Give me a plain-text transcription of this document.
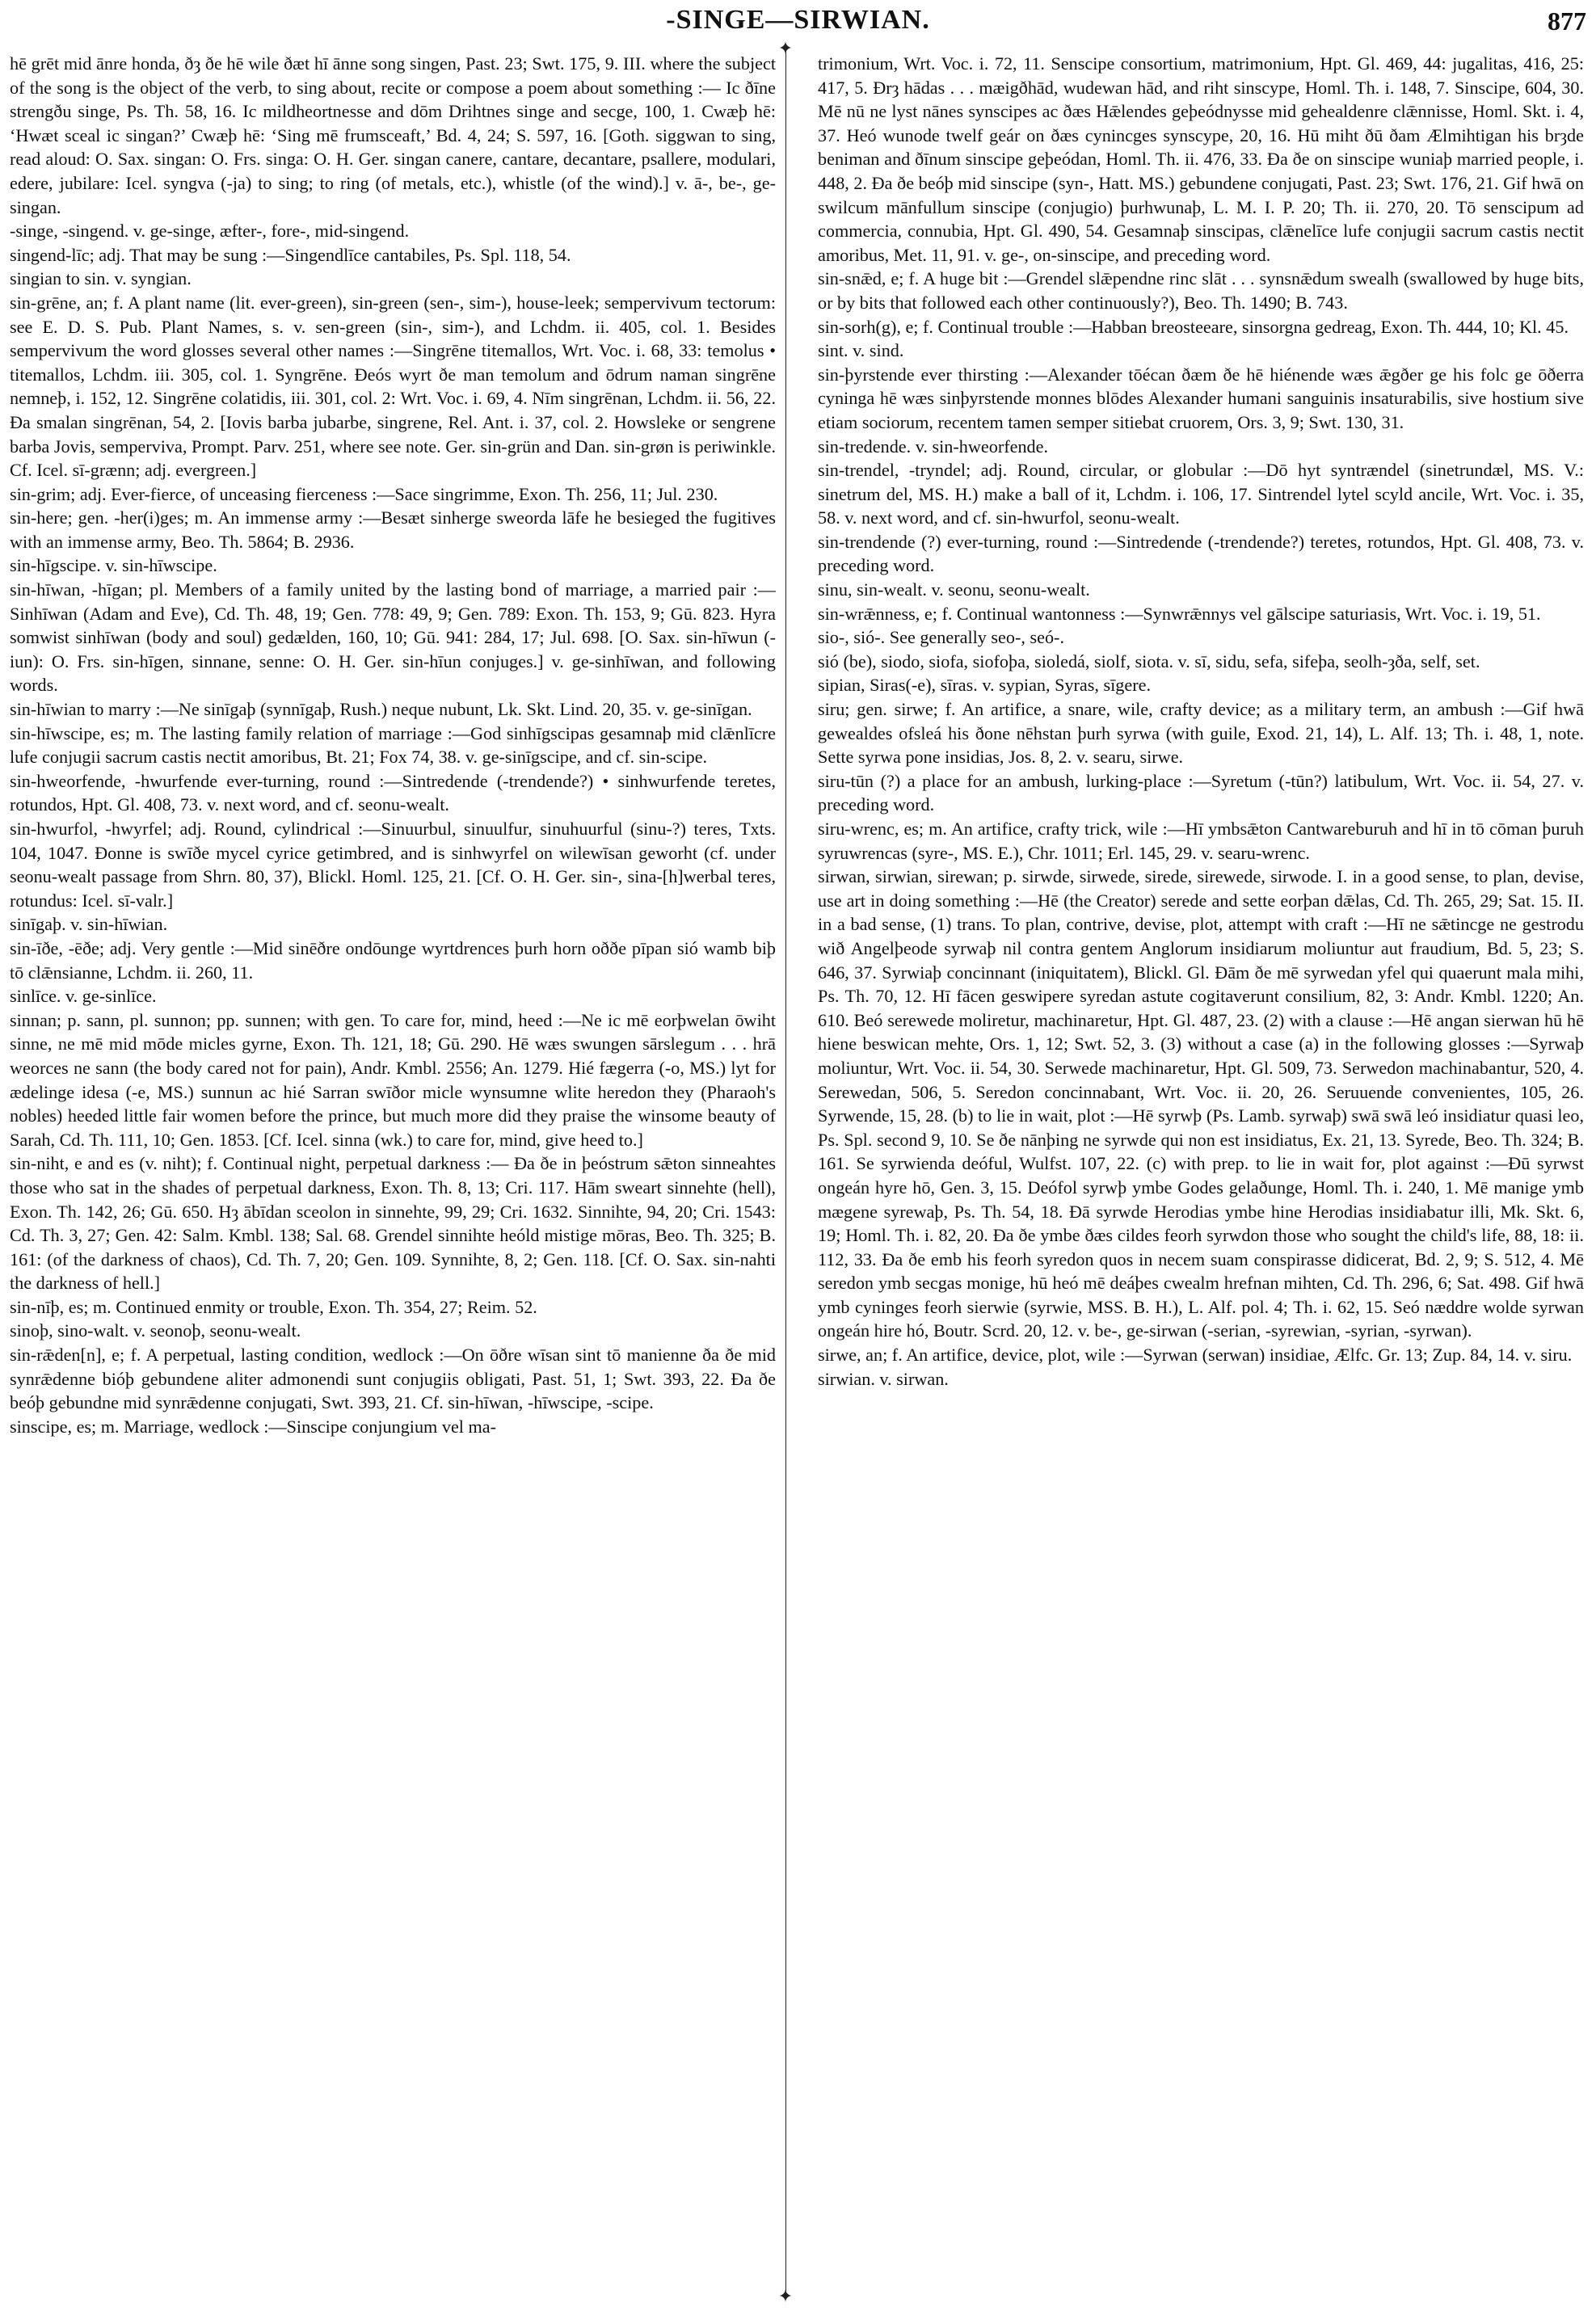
-SINGE—SIRWIAN.	877
✦
✦

hē grēt mid ānre honda, ðȝ ðe hē wile ðæt hī ānne song singen, Past. 23; Swt. 175, 9. III. where the subject of the song is the object of the verb, to sing about, recite or compose a poem about something :— Ic ðīne strengðu singe, Ps. Th. 58, 16. Ic mildheortnesse and dōm Drihtnes singe and secge, 100, 1. Cwæþ hē: ‘Hwæt sceal ic singan?’ Cwæþ hē: ‘Sing mē frumsceaft,’ Bd. 4, 24; S. 597, 16. [Goth. siggwan to sing, read aloud: O. Sax. singan: O. Frs. singa: O. H. Ger. singan canere, cantare, decantare, psallere, modulari, edere, jubilare: Icel. syngva (-ja) to sing; to ring (of metals, etc.), whistle (of the wind).] v. ā-, be-, ge-singan.

-singe, -singend. v. ge-singe, æfter-, fore-, mid-singend.

singend-līc; adj. That may be sung :—Singendlīce cantabiles, Ps. Spl. 118, 54.

singian to sin. v. syngian.

sin-grēne, an; f. A plant name (lit. ever-green), sin-green (sen-, sim-), house-leek; sempervivum tectorum: see E. D. S. Pub. Plant Names, s. v. sen-green (sin-, sim-), and Lchdm. ii. 405, col. 1. Besides sempervivum the word glosses several other names :—Singrēne titemallos, Wrt. Voc. i. 68, 33: temolus • titemallos, Lchdm. iii. 305, col. 1. Syngrēne. Ðeós wyrt ðe man temolum and ōdrum naman singrēne nemneþ, i. 152, 12. Singrēne colatidis, iii. 301, col. 2: Wrt. Voc. i. 69, 4. Nīm singrēnan, Lchdm. ii. 56, 22. Ða smalan singrēnan, 54, 2. [Iovis barba jubarbe, singrene, Rel. Ant. i. 37, col. 2. Howsleke or sengrene barba Jovis, semperviva, Prompt. Parv. 251, where see note. Ger. sin-grün and Dan. sin-grøn is periwinkle. Cf. Icel. sī-grænn; adj. evergreen.]

sin-grim; adj. Ever-fierce, of unceasing fierceness :—Sace singrimme, Exon. Th. 256, 11; Jul. 230.

sin-here; gen. -her(i)ges; m. An immense army :—Besæt sinherge sweorda lāfe he besieged the fugitives with an immense army, Beo. Th. 5864; B. 2936.

sin-hīgscipe. v. sin-hīwscipe.

sin-hīwan, -hīgan; pl. Members of a family united by the lasting bond of marriage, a married pair :—Sinhīwan (Adam and Eve), Cd. Th. 48, 19; Gen. 778: 49, 9; Gen. 789: Exon. Th. 153, 9; Gū. 823. Hyra somwist sinhīwan (body and soul) gedælden, 160, 10; Gū. 941: 284, 17; Jul. 698. [O. Sax. sin-hīwun (-iun): O. Frs. sin-hīgen, sinnane, senne: O. H. Ger. sin-hīun conjuges.] v. ge-sinhīwan, and following words.

sin-hīwian to marry :—Ne sinīgaþ (synnīgaþ, Rush.) neque nubunt, Lk. Skt. Lind. 20, 35. v. ge-sinīgan.

sin-hīwscipe, es; m. The lasting family relation of marriage :—God sinhīgscipas gesamnaþ mid clǣnlīcre lufe conjugii sacrum castis nectit amoribus, Bt. 21; Fox 74, 38. v. ge-sinīgscipe, and cf. sin-scipe.

sin-hweorfende, -hwurfende ever-turning, round :—Sintredende (-trendende?) • sinhwurfende teretes, rotundos, Hpt. Gl. 408, 73. v. next word, and cf. seonu-wealt.

sin-hwurfol, -hwyrfel; adj. Round, cylindrical :—Sinuurbul, sinuulfur, sinuhuurful (sinu-?) teres, Txts. 104, 1047. Ðonne is swīðe mycel cyrice getimbred, and is sinhwyrfel on wilewīsan geworht (cf. under seonu-wealt passage from Shrn. 80, 37), Blickl. Homl. 125, 21. [Cf. O. H. Ger. sin-, sina-[h]werbal teres, rotundus: Icel. sī-valr.]

sinīgaþ. v. sin-hīwian.

sin-īðe, -ēðe; adj. Very gentle :—Mid sinēðre ondōunge wyrtdrences þurh horn oððe pīpan sió wamb biþ tō clǣnsianne, Lchdm. ii. 260, 11.

sinlīce. v. ge-sinlīce.

sinnan; p. sann, pl. sunnon; pp. sunnen; with gen. To care for, mind, heed :—Ne ic mē eorþwelan ōwiht sinne, ne mē mid mōde micles gyrne, Exon. Th. 121, 18; Gū. 290. Hē wæs swungen sārslegum . . . hrā weorces ne sann (the body cared not for pain), Andr. Kmbl. 2556; An. 1279. Hié fægerra (-o, MS.) lyt for ædelinge idesa (-e, MS.) sunnun ac hié Sarran swīðor micle wynsumne wlite heredon they (Pharaoh's nobles) heeded little fair women before the prince, but much more did they praise the winsome beauty of Sarah, Cd. Th. 111, 10; Gen. 1853. [Cf. Icel. sinna (wk.) to care for, mind, give heed to.]

sin-niht, e and es (v. niht); f. Continual night, perpetual darkness :— Ða ðe in þeóstrum sǣton sinneahtes those who sat in the shades of perpetual darkness, Exon. Th. 8, 13; Cri. 117. Hām sweart sinnehte (hell), Exon. Th. 142, 26; Gū. 650. Hȝ ābīdan sceolon in sinnehte, 99, 29; Cri. 1632. Sinnihte, 94, 20; Cri. 1543: Cd. Th. 3, 27; Gen. 42: Salm. Kmbl. 138; Sal. 68. Grendel sinnihte heóld mistige mōras, Beo. Th. 325; B. 161: (of the darkness of chaos), Cd. Th. 7, 20; Gen. 109. Synnihte, 8, 2; Gen. 118. [Cf. O. Sax. sin-nahti the darkness of hell.]

sin-nīþ, es; m. Continued enmity or trouble, Exon. Th. 354, 27; Reim. 52.

sinoþ, sino-walt. v. seonoþ, seonu-wealt.

sin-rǣden[n], e; f. A perpetual, lasting condition, wedlock :—On ōðre wīsan sint tō manienne ða ðe mid synrǣdenne bióþ gebundene aliter admonendi sunt conjugiis obligati, Past. 51, 1; Swt. 393, 22. Ða ðe beóþ gebundne mid synrǣdenne conjugati, Swt. 393, 21. Cf. sin-hīwan, -hīwscipe, -scipe.

sinscipe, es; m. Marriage, wedlock :—Sinscipe conjungium vel ma-

trimonium, Wrt. Voc. i. 72, 11. Senscipe consortium, matrimonium, Hpt. Gl. 469, 44: jugalitas, 416, 25: 417, 5. Ðrȝ hādas . . . mæigðhād, wudewan hād, and riht sinscype, Homl. Th. i. 148, 7. Sinscipe, 604, 30. Mē nū ne lyst nānes synscipes ac ðæs Hǣlendes geþeódnysse mid gehealdenre clǣnnisse, Homl. Skt. i. 4, 37. Heó wunode twelf geár on ðæs cynincges synscype, 20, 16. Hū miht ðū ðam Ælmihtigan his brȝde beniman and ðīnum sinscipe geþeódan, Homl. Th. ii. 476, 33. Ða ðe on sinscipe wuniaþ married people, i. 448, 2. Ða ðe beóþ mid sinscipe (syn-, Hatt. MS.) gebundene conjugati, Past. 23; Swt. 176, 21. Gif hwā on swilcum mānfullum sinscipe (conjugio) þurhwunaþ, L. M. I. P. 20; Th. ii. 270, 20. Tō senscipum ad commercia, connubia, Hpt. Gl. 490, 54. Gesamnaþ sinscipas, clǣnelīce lufe conjugii sacrum castis nectit amoribus, Met. 11, 91. v. ge-, on-sinscipe, and preceding word.

sin-snǣd, e; f. A huge bit :—Grendel slǣpendne rinc slāt . . . synsnǣdum swealh (swallowed by huge bits, or by bits that followed each other continuously?), Beo. Th. 1490; B. 743.

sin-sorh(g), e; f. Continual trouble :—Habban breosteeare, sinsorgna gedreag, Exon. Th. 444, 10; Kl. 45.

sint. v. sind.

sin-þyrstende ever thirsting :—Alexander tōécan ðæm ðe hē hiénende wæs ǣgðer ge his folc ge ōðerra cyninga hē wæs sinþyrstende monnes blōdes Alexander humani sanguinis insaturabilis, sive hostium sive etiam sociorum, recentem tamen semper sitiebat cruorem, Ors. 3, 9; Swt. 130, 31.

sin-tredende. v. sin-hweorfende.

sin-trendel, -tryndel; adj. Round, circular, or globular :—Dō hyt syntrændel (sinetrundæl, MS. V.: sinetrum del, MS. H.) make a ball of it, Lchdm. i. 106, 17. Sintrendel lytel scyld ancile, Wrt. Voc. i. 35, 58. v. next word, and cf. sin-hwurfol, seonu-wealt.

sin-trendende (?) ever-turning, round :—Sintredende (-trendende?) teretes, rotundos, Hpt. Gl. 408, 73. v. preceding word.

sinu, sin-wealt. v. seonu, seonu-wealt.

sin-wrǣnness, e; f. Continual wantonness :—Synwrǣnnys vel gālscipe saturiasis, Wrt. Voc. i. 19, 51.

sio-, sió-. See generally seo-, seó-.

sió (be), siodo, siofa, siofoþa, sioledá, siolf, siota. v. sī, sidu, sefa, sifeþa, seolh-ȝða, self, set.

sipian, Siras(-e), sīras. v. sypian, Syras, sīgere.

siru; gen. sirwe; f. An artifice, a snare, wile, crafty device; as a military term, an ambush :—Gif hwā gewealdes ofsleá his ðone nēhstan þurh syrwa (with guile, Exod. 21, 14), L. Alf. 13; Th. i. 48, 1, note. Sette syrwa pone insidias, Jos. 8, 2. v. searu, sirwe.

siru-tūn (?) a place for an ambush, lurking-place :—Syretum (-tūn?) latibulum, Wrt. Voc. ii. 54, 27. v. preceding word.

siru-wrenc, es; m. An artifice, crafty trick, wile :—Hī ymbsǣton Cantwareburuh and hī in tō cōman þuruh syruwrencas (syre-, MS. E.), Chr. 1011; Erl. 145, 29. v. searu-wrenc.

sirwan, sirwian, sirewan; p. sirwde, sirwede, sirede, sirewede, sirwode. I. in a good sense, to plan, devise, use art in doing something :—Hē (the Creator) serede and sette eorþan dǣlas, Cd. Th. 265, 29; Sat. 15. II. in a bad sense, (1) trans. To plan, contrive, devise, plot, attempt with craft :—Hī ne sǣtincge ne gestrodu wið Angelþeode syrwaþ nil contra gentem Anglorum insidiarum moliuntur aut fraudium, Bd. 5, 23; S. 646, 37. Syrwiaþ concinnant (iniquitatem), Blickl. Gl. Ðām ðe mē syrwedan yfel qui quaerunt mala mihi, Ps. Th. 70, 12. Hī fācen geswipere syredan astute cogitaverunt consilium, 82, 3: Andr. Kmbl. 1220; An. 610. Beó serewede moliretur, machinaretur, Hpt. Gl. 487, 23. (2) with a clause :—Hē angan sierwan hū hē hiene beswican mehte, Ors. 1, 12; Swt. 52, 3. (3) without a case (a) in the following glosses :—Syrwaþ moliuntur, Wrt. Voc. ii. 54, 30. Serwede machinaretur, Hpt. Gl. 509, 73. Serwedon machinabantur, 520, 4. Serewedan, 506, 5. Seredon concinnabant, Wrt. Voc. ii. 20, 26. Seruuende convenientes, 105, 26. Syrwende, 15, 28. (b) to lie in wait, plot :—Hē syrwþ (Ps. Lamb. syrwaþ) swā swā leó insidiatur quasi leo, Ps. Spl. second 9, 10. Se ðe nānþing ne syrwde qui non est insidiatus, Ex. 21, 13. Syrede, Beo. Th. 324; B. 161. Se syrwienda deóful, Wulfst. 107, 22. (c) with prep. to lie in wait for, plot against :—Ðū syrwst ongeán hyre hō, Gen. 3, 15. Deófol syrwþ ymbe Godes gelaðunge, Homl. Th. i. 240, 1. Mē manige ymb mægene syrewaþ, Ps. Th. 54, 18. Ðā syrwde Herodias ymbe hine Herodias insidiabatur illi, Mk. Skt. 6, 19; Homl. Th. i. 82, 20. Ða ðe ymbe ðæs cildes feorh syrwdon those who sought the child's life, 88, 18: ii. 112, 33. Ða ðe emb his feorh syredon quos in necem suam conspirasse didicerat, Bd. 2, 9; S. 512, 4. Mē seredon ymb secgas monige, hū heó mē deáþes cwealm hrefnan mihten, Cd. Th. 296, 6; Sat. 498. Gif hwā ymb cyninges feorh sierwie (syrwie, MSS. B. H.), L. Alf. pol. 4; Th. i. 62, 15. Seó næddre wolde syrwan ongeán hire hó, Boutr. Scrd. 20, 12. v. be-, ge-sirwan (-serian, -syrewian, -syrian, -syrwan).

sirwe, an; f. An artifice, device, plot, wile :—Syrwan (serwan) insidiae, Ælfc. Gr. 13; Zup. 84, 14. v. siru.

sirwian. v. sirwan.
